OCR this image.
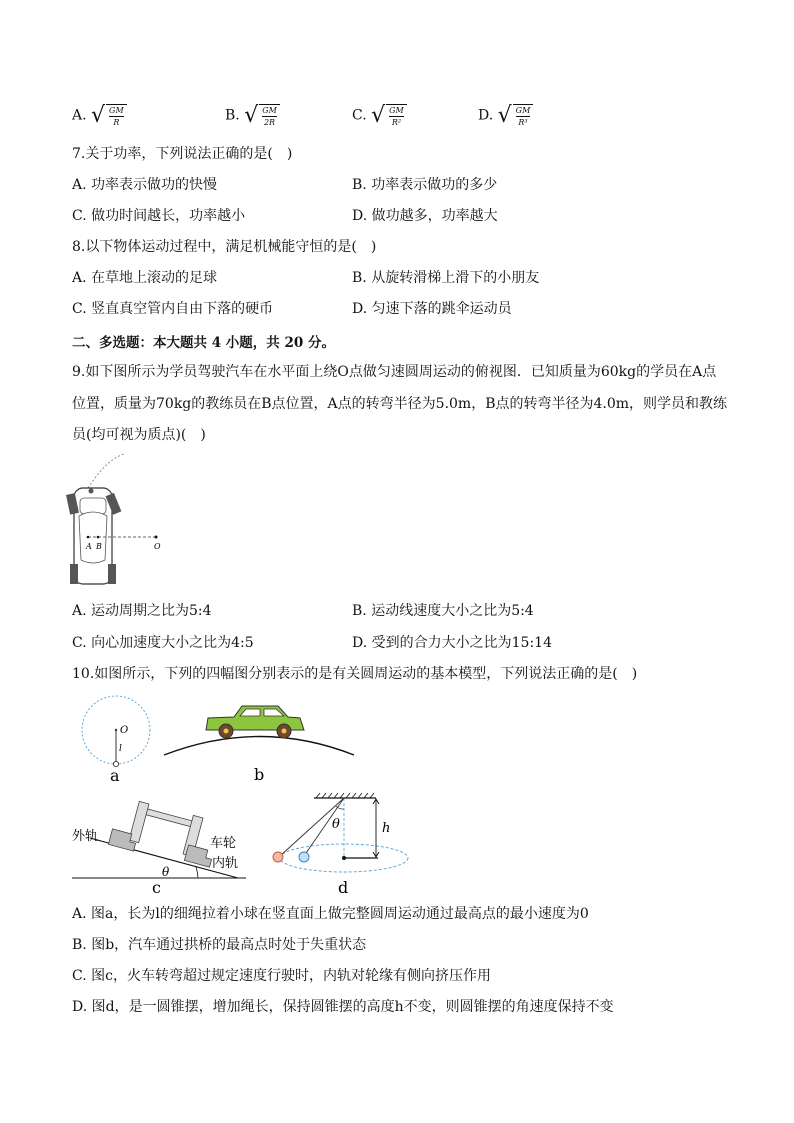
A. √ GM
R	B. √ GM
2R	C. √ GM
R²	D. √ GM
R³
7.关于功率，下列说法正确的是(　)
A. 功率表示做功的快慢	B. 功率表示做功的多少
C. 做功时间越长，功率越小	D. 做功越多，功率越大
8.以下物体运动过程中，满足机械能守恒的是(　)
A. 在草地上滚动的足球	B. 从旋转滑梯上滑下的小朋友
C. 竖直真空管内自由下落的硬币	D. 匀速下落的跳伞运动员
二、多选题：本大题共 4 小题，共 20 分。
9.如下图所示为学员驾驶汽车在水平面上绕O点做匀速圆周运动的俯视图．已知质量为60kg的学员在A点
位置，质量为70kg的教练员在B点位置，A点的转弯半径为5.0m，B点的转弯半径为4.0m，则学员和教练
员(均可视为质点)(　)
A B	O
A. 运动周期之比为5:4	B. 运动线速度大小之比为5:4
C. 向心加速度大小之比为4:5	D. 受到的合力大小之比为15:14
10.如图所示，下列的四幅图分别表示的是有关圆周运动的基本模型，下列说法正确的是(　)
O
l
a	b
外轨	车轮
内轨
θ
c
θ	h
d
A. 图a，长为l的细绳拉着小球在竖直面上做完整圆周运动通过最高点的最小速度为0
B. 图b，汽车通过拱桥的最高点时处于失重状态
C. 图c，火车转弯超过规定速度行驶时，内轨对轮缘有侧向挤压作用
D. 图d，是一圆锥摆，增加绳长，保持圆锥摆的高度h不变，则圆锥摆的角速度保持不变
